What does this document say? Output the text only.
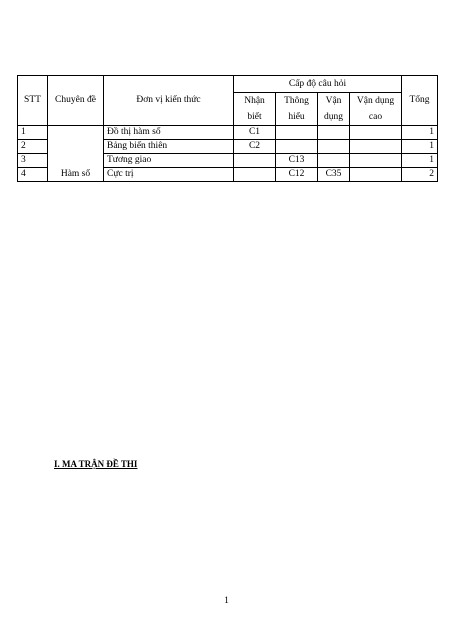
STT	Chuyên đề	Đơn vị kiến thức	Cấp độ câu hỏi				Tổng
			Nhận biết	Thông hiểu	Vận dụng	Vận dụng cao	
1	Hàm số	Đồ thị hàm số	C1				1
2		Bảng biến thiên	C2				1
3		Tương giao		C13			1
4		Cực trị		C12	C35		2

I. MA TRẬN ĐỀ THI

1
